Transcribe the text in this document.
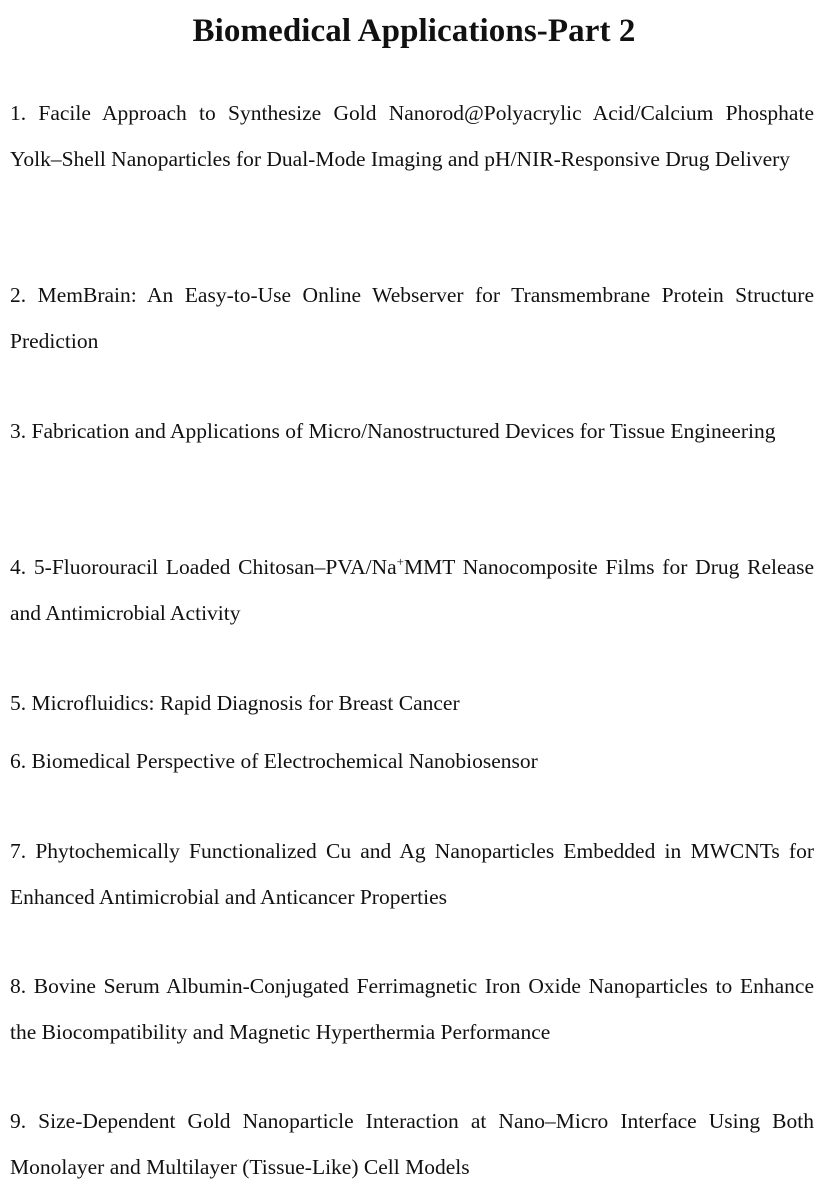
Biomedical Applications-Part 2

1. Facile Approach to Synthesize Gold Nanorod@Polyacrylic Acid/Calcium Phosphate Yolk–Shell Nanoparticles for Dual-Mode Imaging and pH/NIR-Responsive Drug Delivery

2. MemBrain: An Easy-to-Use Online Webserver for Transmembrane Protein Structure Prediction

3. Fabrication and Applications of Micro/Nanostructured Devices for Tissue Engineering

4. 5-Fluorouracil Loaded Chitosan–PVA/Na+MMT Nanocomposite Films for Drug Release and Antimicrobial Activity

5. Microfluidics: Rapid Diagnosis for Breast Cancer

6. Biomedical Perspective of Electrochemical Nanobiosensor

7. Phytochemically Functionalized Cu and Ag Nanoparticles Embedded in MWCNTs for Enhanced Antimicrobial and Anticancer Properties

8. Bovine Serum Albumin-Conjugated Ferrimagnetic Iron Oxide Nanoparticles to Enhance the Biocompatibility and Magnetic Hyperthermia Performance

9. Size-Dependent Gold Nanoparticle Interaction at Nano–Micro Interface Using Both Monolayer and Multilayer (Tissue-Like) Cell Models
